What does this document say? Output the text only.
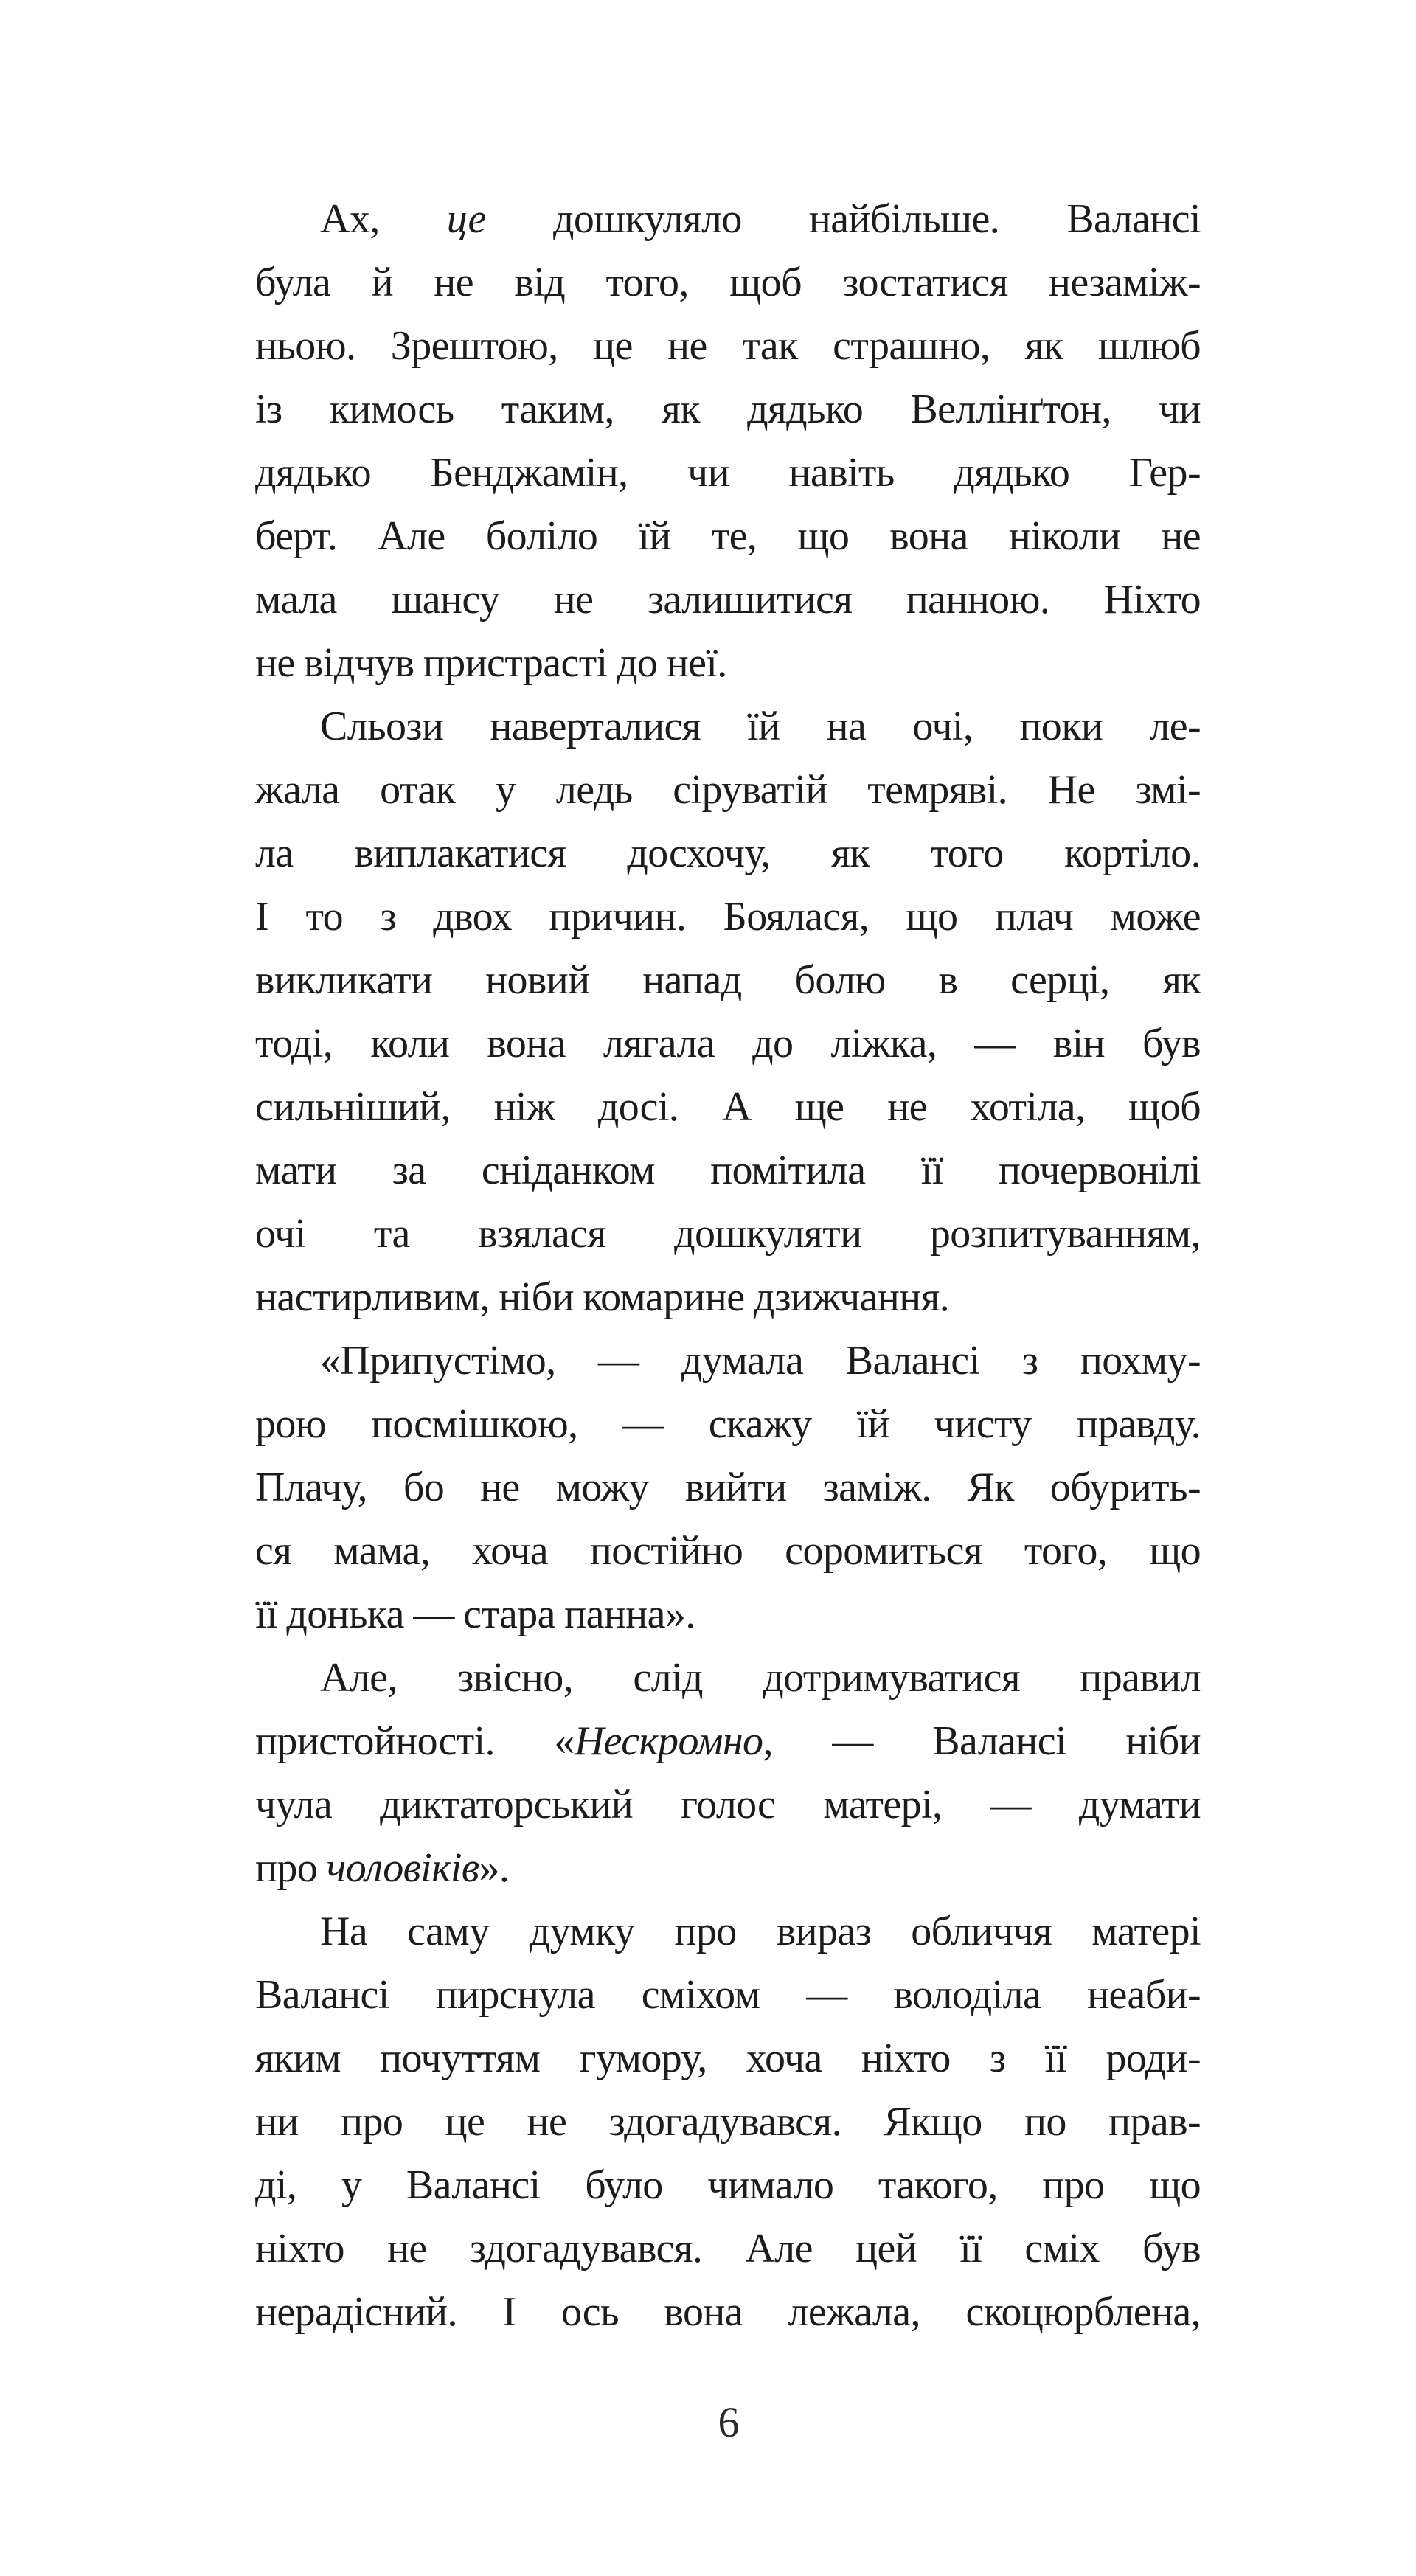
Ах, це дошкуляло найбільше. Валансі
була й не від того, щоб зостатися незаміж-
ньою. Зрештою, це не так страшно, як шлюб
із кимось таким, як дядько Веллінґтон, чи
дядько Бенджамін, чи навіть дядько Гер-
берт. Але боліло їй те, що вона ніколи не
мала шансу не залишитися панною. Ніхто
не відчув пристрасті до неї.
Сльози наверталися їй на очі, поки ле-
жала отак у ледь сіруватій темряві. Не змі-
ла виплакатися досхочу, як того кортіло.
І то з двох причин. Боялася, що плач може
викликати новий напад болю в серці, як
тоді, коли вона лягала до ліжка, — він був
сильніший, ніж досі. А ще не хотіла, щоб
мати за сніданком помітила її почервонілі
очі та взялася дошкуляти розпитуванням,
настирливим, ніби комарине дзижчання.
«Припустімо, — думала Валансі з похму-
рою посмішкою, — скажу їй чисту правду.
Плачу, бо не можу вийти заміж. Як обурить-
ся мама, хоча постійно соромиться того, що
її донька — стара панна».
Але, звісно, слід дотримуватися правил
пристойності. «Нескромно, — Валансі ніби
чула диктаторський голос матері, — думати
про чоловіків».
На саму думку про вираз обличчя матері
Валансі пирснула сміхом — володіла неаби-
яким почуттям гумору, хоча ніхто з її роди-
ни про це не здогадувався. Якщо по прав-
ді, у Валансі було чимало такого, про що
ніхто не здогадувався. Але цей її сміх був
нерадісний. І ось вона лежала, скоцюрблена,
6
